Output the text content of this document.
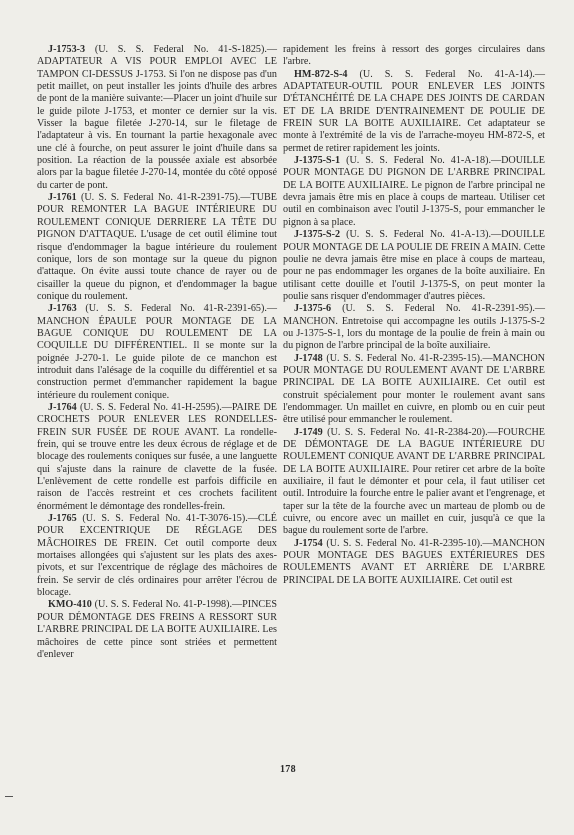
J-1753-3 (U. S. S. Federal No. 41-S-1825).—ADAPTATEUR A VIS POUR EMPLOI AVEC LE TAMPON CI-DESSUS J-1753. Si l'on ne dispose pas d'un petit maillet, on peut installer les joints d'huile des arbres de pont de la manière suivante:—Placer un joint d'huile sur le guide pilote J-1753, et monter ce dernier sur la vis. Visser la bague filetée J-270-14, sur le filetage de l'adaptateur à vis. En tournant la partie hexagonale avec une clé à fourche, on peut assurer le joint d'huile dans sa position. La réaction de la poussée axiale est absorbée alors par la bague filetée J-270-14, montée du côté opposé du carter de pont.

J-1761 (U. S. S. Federal No. 41-R-2391-75).—TUBE POUR REMONTER LA BAGUE INTÉRIEURE DU ROULEMENT CONIQUE DERRIERE LA TÊTE DU PIGNON D'ATTAQUE. L'usage de cet outil élimine tout risque d'endommager la bague intérieure du roulement conique, lors de son montage sur la queue du pignon d'attaque. On évite aussi toute chance de rayer ou de cisailler la queue du pignon, et d'endommager la bague conique du roulement.

J-1763 (U. S. S. Federal No. 41-R-2391-65).—MANCHON ÉPAULE POUR MONTAGE DE LA BAGUE CONIQUE DU ROULEMENT DE LA COQUILLE DU DIFFÉRENTIEL. Il se monte sur la poignée J-270-1. Le guide pilote de ce manchon est introduit dans l'alésage de la coquille du différentiel et sa construction permet d'emmancher rapidement la bague intérieure du roulement conique.

J-1764 (U. S. S. Federal No. 41-H-2595).—PAIRE DE CROCHETS POUR ENLEVER LES RONDELLES-FREIN SUR FUSÉE DE ROUE AVANT. La rondelle-frein, qui se trouve entre les deux écrous de réglage et de blocage des roulements coniques sur fusée, a une languette qui s'ajuste dans la rainure de clavette de la fusée. L'enlèvement de cette rondelle est parfois difficile en raison de l'accès restreint et ces crochets facilitent énormément le démontage des rondelles-frein.

J-1765 (U. S. S. Federal No. 41-T-3076-15).—CLÉ POUR EXCENTRIQUE DE RÉGLAGE DES MÂCHOIRES DE FREIN. Cet outil comporte deux mortaises allongées qui s'ajustent sur les plats des axes-pivots, et sur l'excentrique de réglage des mâchoires de frein. Se servir de clés ordinaires pour arrêter l'écrou de blocage.

KMO-410 (U. S. S. Federal No. 41-P-1998).—PINCES POUR DÉMONTAGE DES FREINS A RESSORT SUR L'ARBRE PRINCIPAL DE LA BOITE AUXILIAIRE. Les mâchoires de cette pince sont striées et permettent d'enlever

rapidement les freins à ressort des gorges circulaires dans l'arbre.

HM-872-S-4 (U. S. S. Federal No. 41-A-14).—ADAPTATEUR-OUTIL POUR ENLEVER LES JOINTS D'ÉTANCHÉITÉ DE LA CHAPE DES JOINTS DE CARDAN ET DE LA BRIDE D'ENTRAINEMENT DE POULIE DE FREIN SUR LA BOITE AUXILIAIRE. Cet adaptateur se monte à l'extrémité de la vis de l'arrache-moyeu HM-872-S, et permet de retirer rapidement les joints.

J-1375-S-1 (U. S. S. Federal No. 41-A-18).—DOUILLE POUR MONTAGE DU PIGNON DE L'ARBRE PRINCIPAL DE LA BOITE AUXILIAIRE. Le pignon de l'arbre principal ne devra jamais être mis en place à coups de marteau. Utiliser cet outil en combinaison avec l'outil J-1375-S, pour emmancher le pignon à sa place.

J-1375-S-2 (U. S. S. Federal No. 41-A-13).—DOUILLE POUR MONTAGE DE LA POULIE DE FREIN A MAIN. Cette poulie ne devra jamais être mise en place à coups de marteau, pour ne pas endommager les organes de la boîte auxiliaire. En utilisant cette douille et l'outil J-1375-S, on peut monter la poulie sans risquer d'endommager d'autres pièces.

J-1375-6 (U. S. S. Federal No. 41-R-2391-95).—MANCHON. Entretoise qui accompagne les outils J-1375-S-2 ou J-1375-S-1, lors du montage de la poulie de frein à main ou du pignon de l'arbre principal de la boîte auxiliaire.

J-1748 (U. S. S. Federal No. 41-R-2395-15).—MANCHON POUR MONTAGE DU ROULEMENT AVANT DE L'ARBRE PRINCIPAL DE LA BOITE AUXILIAIRE. Cet outil est construit spécialement pour monter le roulement avant sans l'endommager. Un maillet en cuivre, en plomb ou en cuir peut être utilisé pour emmancher le roulement.

J-1749 (U. S. S. Federal No. 41-R-2384-20).—FOURCHE DE DÉMONTAGE DE LA BAGUE INTÉRIEURE DU ROULEMENT CONIQUE AVANT DE L'ARBRE PRINCIPAL DE LA BOITE AUXILIAIRE. Pour retirer cet arbre de la boîte auxiliaire, il faut le démonter et pour cela, il faut utiliser cet outil. Introduire la fourche entre le palier avant et l'engrenage, et taper sur la tête de la fourche avec un marteau de plomb ou de cuivre, ou encore avec un maillet en cuir, jusqu'à ce que la bague du roulement sorte de l'arbre.

J-1754 (U. S. S. Federal No. 41-R-2395-10).—MANCHON POUR MONTAGE DES BAGUES EXTÉRIEURES DES ROULEMENTS AVANT ET ARRIÈRE DE L'ARBRE PRINCIPAL DE LA BOITE AUXILIAIRE. Cet outil est

178
